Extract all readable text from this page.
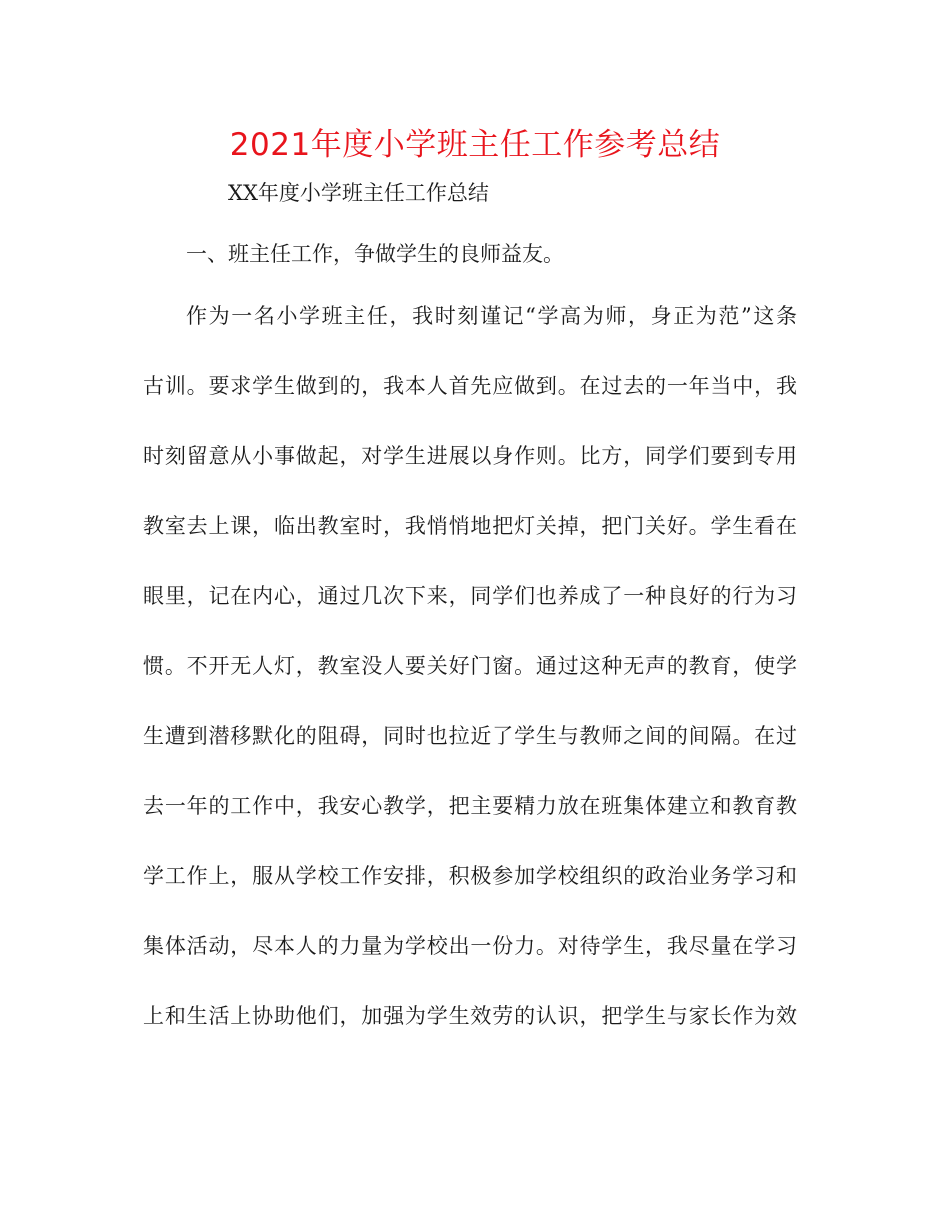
2021年度小学班主任工作参考总结
XX年度小学班主任工作总结
一、班主任工作，争做学生的良师益友。
作为一名小学班主任，我时刻谨记“学高为师，身正为范”这条
古训。要求学生做到的，我本人首先应做到。在过去的一年当中，我
时刻留意从小事做起，对学生进展以身作则。比方，同学们要到专用
教室去上课，临出教室时，我悄悄地把灯关掉，把门关好。学生看在
眼里，记在内心，通过几次下来，同学们也养成了一种良好的行为习
惯。不开无人灯，教室没人要关好门窗。通过这种无声的教育，使学
生遭到潜移默化的阻碍，同时也拉近了学生与教师之间的间隔。在过
去一年的工作中，我安心教学，把主要精力放在班集体建立和教育教
学工作上，服从学校工作安排，积极参加学校组织的政治业务学习和
集体活动，尽本人的力量为学校出一份力。对待学生，我尽量在学习
上和生活上协助他们，加强为学生效劳的认识，把学生与家长作为效
